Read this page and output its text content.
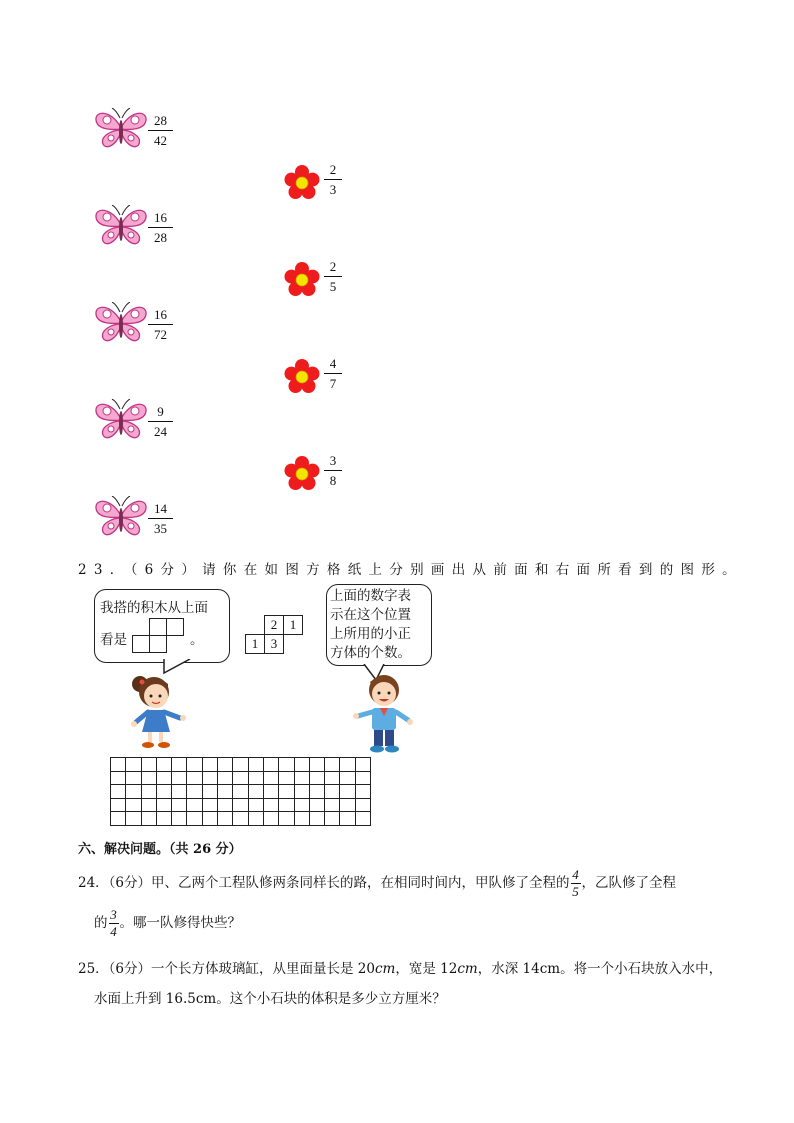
28
42
16
28
16
72
9
24
14
35
2
3
2
5
4
7
3
8
23．（6分）请你在如图方格纸上分别画出从前面和右面所看到的图形。
我搭的积木从上面
看是	。
	2	1
1	3	
上面的数字表
示在这个位置
上所用的小正
方体的个数。

六、解决问题。（共 26 分）
24．（6分）甲、乙两个工程队修两条同样长的路，在相同时间内，甲队修了全程的 $\frac{4}{5}$ ，乙队修了全程
的 $\frac{3}{4}$ 。哪一队修得快些？
25．（6分）一个长方体玻璃缸，从里面量长是 20cm，宽是 12cm，水深 14cm。将一个小石块放入水中，
水面上升到 16.5cm。这个小石块的体积是多少立方厘米？
